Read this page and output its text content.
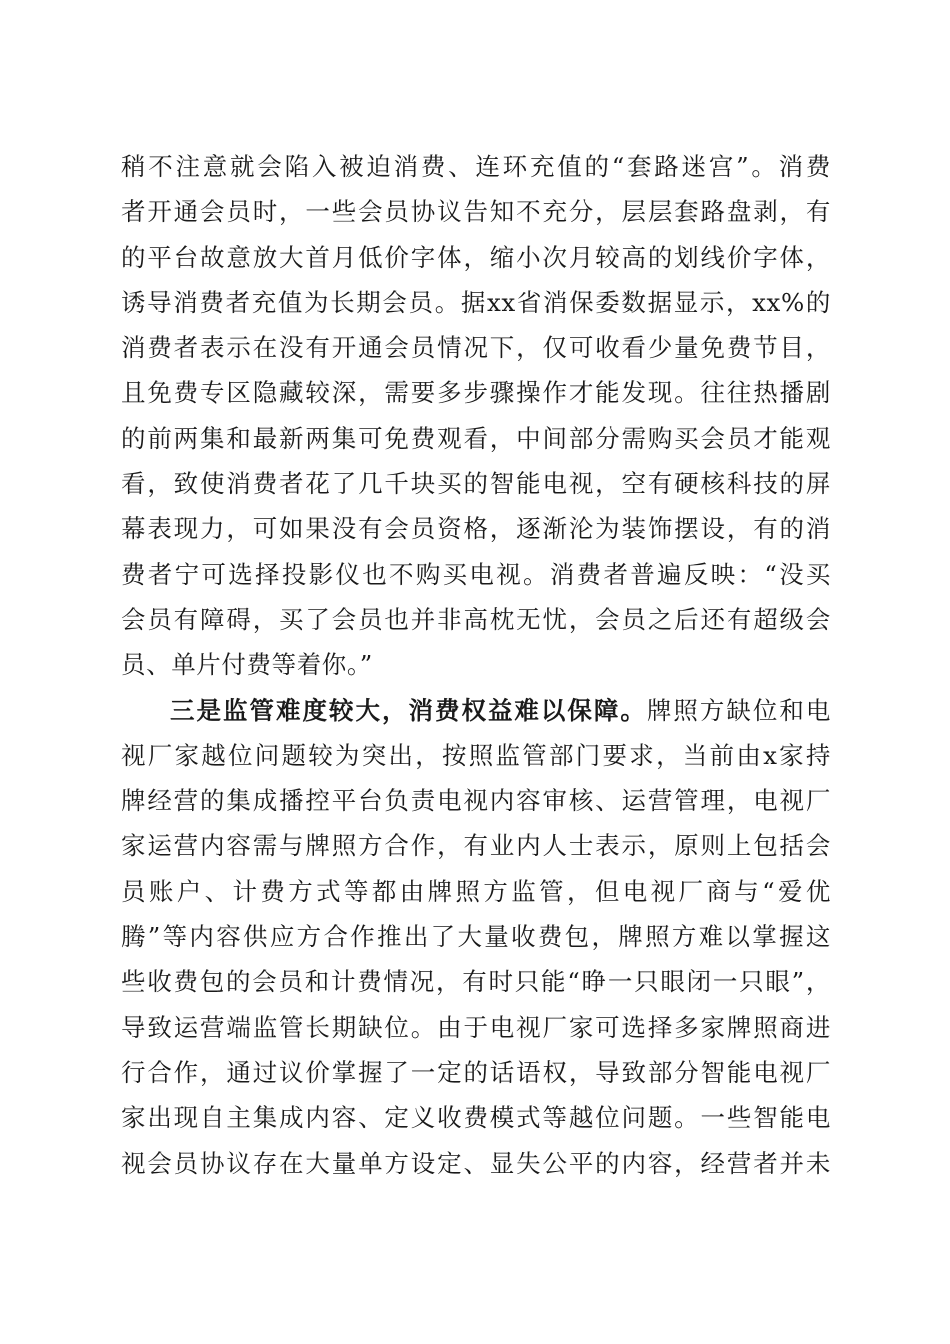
稍不注意就会陷入被迫消费、连环充值的“套路迷宫”。消费
者开通会员时，一些会员协议告知不充分，层层套路盘剥，有
的平台故意放大首月低价字体，缩小次月较高的划线价字体，
诱导消费者充值为长期会员。据xx省消保委数据显示，xx%的
消费者表示在没有开通会员情况下，仅可收看少量免费节目，
且免费专区隐藏较深，需要多步骤操作才能发现。往往热播剧
的前两集和最新两集可免费观看，中间部分需购买会员才能观
看，致使消费者花了几千块买的智能电视，空有硬核科技的屏
幕表现力，可如果没有会员资格，逐渐沦为装饰摆设，有的消
费者宁可选择投影仪也不购买电视。消费者普遍反映：“没买
会员有障碍，买了会员也并非高枕无忧，会员之后还有超级会
员、单片付费等着你。”
三是监管难度较大，消费权益难以保障。牌照方缺位和电
视厂家越位问题较为突出，按照监管部门要求，当前由x家持
牌经营的集成播控平台负责电视内容审核、运营管理，电视厂
家运营内容需与牌照方合作，有业内人士表示，原则上包括会
员账户、计费方式等都由牌照方监管，但电视厂商与“爱优
腾”等内容供应方合作推出了大量收费包，牌照方难以掌握这
些收费包的会员和计费情况，有时只能“睁一只眼闭一只眼”，
导致运营端监管长期缺位。由于电视厂家可选择多家牌照商进
行合作，通过议价掌握了一定的话语权，导致部分智能电视厂
家出现自主集成内容、定义收费模式等越位问题。一些智能电
视会员协议存在大量单方设定、显失公平的内容，经营者并未
